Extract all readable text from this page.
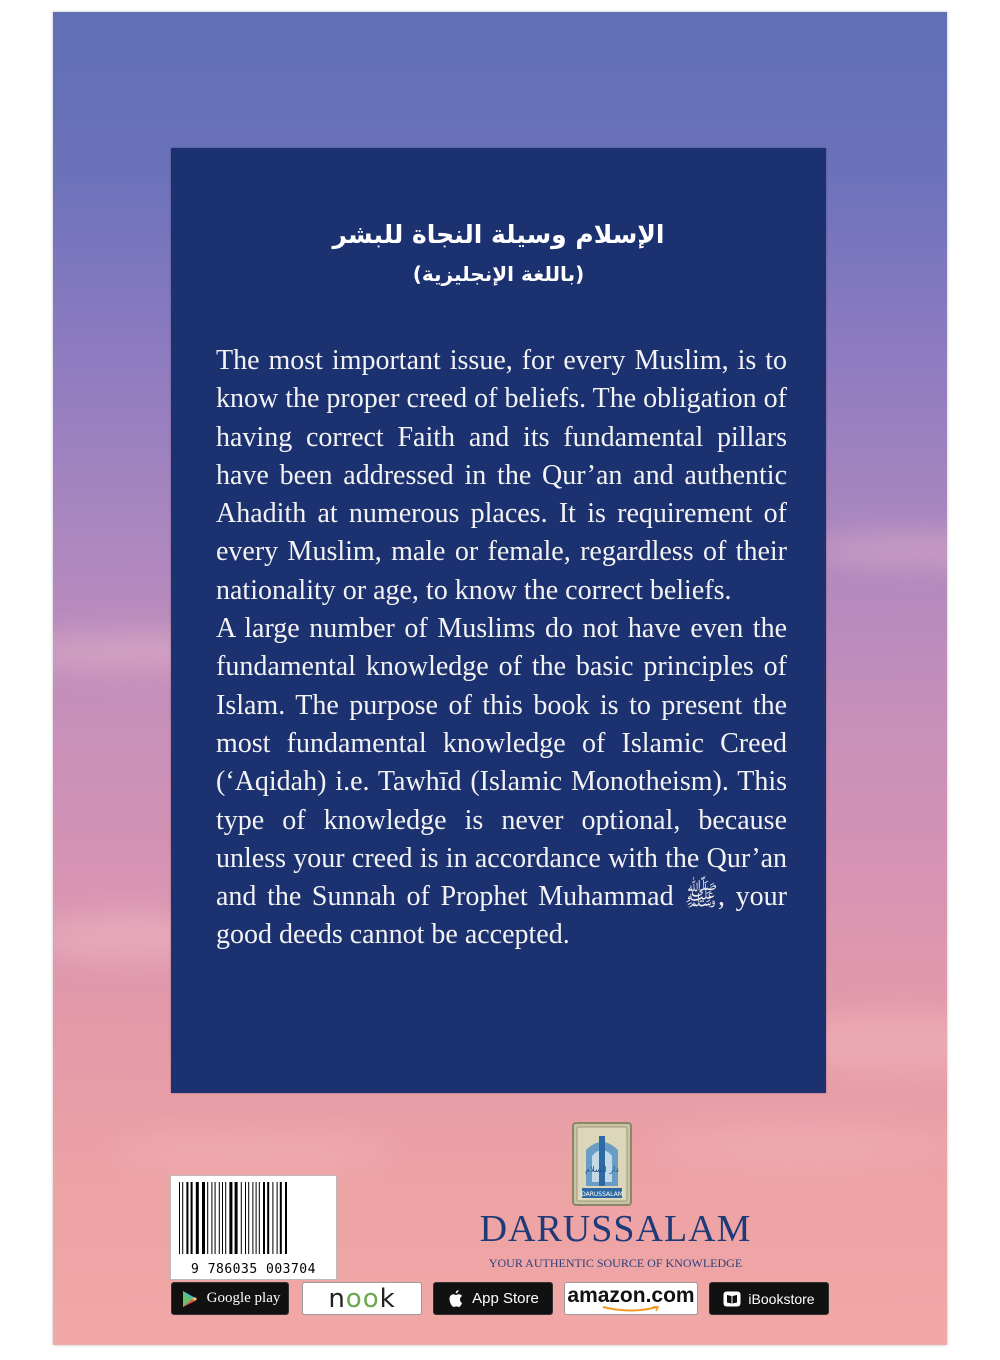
الإسلام وسيلة النجاة للبشر
(باللغة الإنجليزية)

The most important issue, for every Muslim, is to know the proper creed of beliefs. The obligation of having correct Faith and its fundamental pillars have been addressed in the Qur’an and authentic Ahadith at numerous places. It is requirement of every Muslim, male or female, regardless of their nationality or age, to know the correct beliefs.

A large number of Muslims do not have even the fundamental knowledge of the basic principles of Islam. The purpose of this book is to present the most fundamental knowledge of Islamic Creed (‘Aqidah) i.e. Tawhīd (Islamic Monotheism). This type of knowledge is never optional, because unless your creed is in accordance with the Qur’an and the Sunnah of Prophet Muhammad ﷺ, your good deeds cannot be accepted.

9 786035 003704
DARUSSALAM
دار السلام
DARUSSALAM
YOUR AUTHENTIC SOURCE OF KNOWLEDGE
Google play nook	App Store amazon.com	iBookstore
